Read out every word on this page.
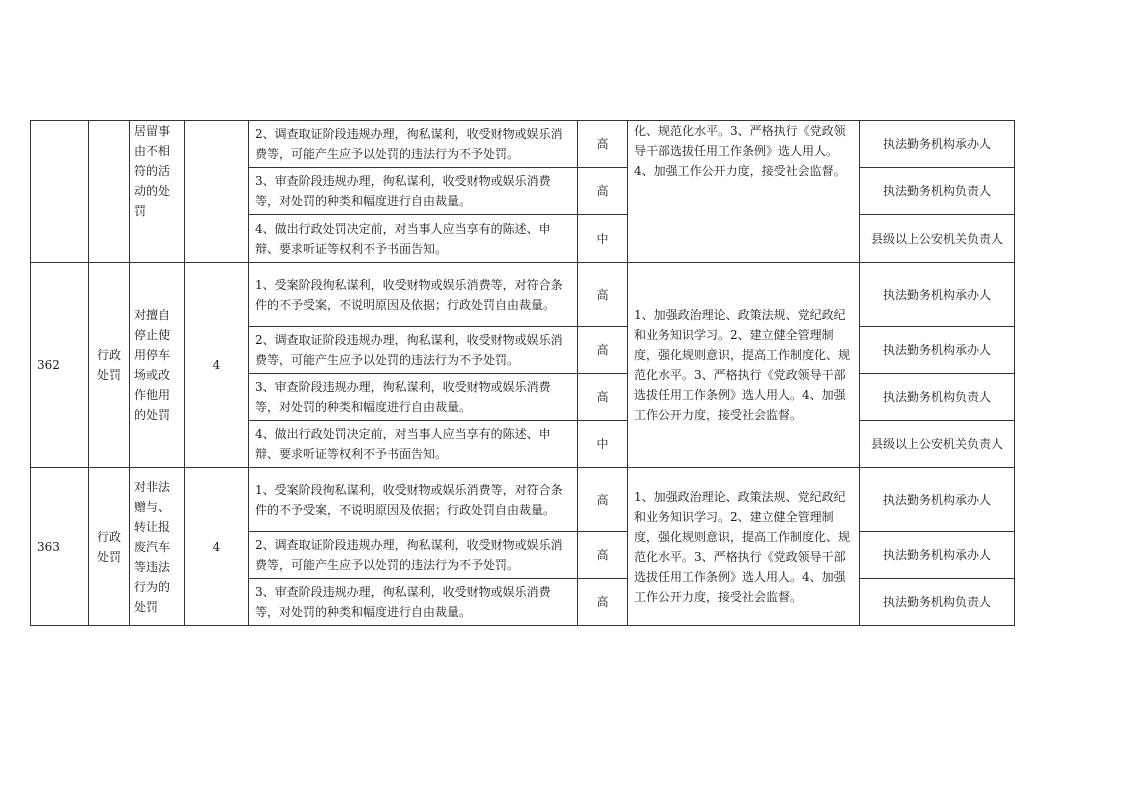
		居留事由不相符的活动的处罚		2、调查取证阶段违规办理，徇私谋利，收受财物或娱乐消费等，可能产生应予以处罚的违法行为不予处罚。	高	化、规范化水平。3、严格执行《党政领导干部选拔任用工作条例》选人用人。4、加强工作公开力度，接受社会监督。	执法勤务机构承办人
				3、审查阶段违规办理，徇私谋利，收受财物或娱乐消费等，对处罚的种类和幅度进行自由裁量。	高		执法勤务机构负责人
				4、做出行政处罚决定前，对当事人应当享有的陈述、申辩、要求听证等权利不予书面告知。	中		县级以上公安机关负责人
362	行政处罚	对擅自停止使用停车场或改作他用的处罚	4	1、受案阶段徇私谋利，收受财物或娱乐消费等，对符合条件的不予受案，不说明原因及依据；行政处罚自由裁量。	高	1、加强政治理论、政策法规、党纪政纪和业务知识学习。2、建立健全管理制度，强化规则意识，提高工作制度化、规范化水平。3、严格执行《党政领导干部选拔任用工作条例》选人用人。4、加强工作公开力度，接受社会监督。	执法勤务机构承办人
				2、调查取证阶段违规办理，徇私谋利，收受财物或娱乐消费等，可能产生应予以处罚的违法行为不予处罚。	高		执法勤务机构承办人
				3、审查阶段违规办理，徇私谋利，收受财物或娱乐消费等，对处罚的种类和幅度进行自由裁量。	高		执法勤务机构负责人
				4、做出行政处罚决定前，对当事人应当享有的陈述、申辩、要求听证等权利不予书面告知。	中		县级以上公安机关负责人
363	行政处罚	对非法赠与、转让报废汽车等违法行为的处罚	4	1、受案阶段徇私谋利，收受财物或娱乐消费等，对符合条件的不予受案，不说明原因及依据；行政处罚自由裁量。	高	1、加强政治理论、政策法规、党纪政纪和业务知识学习。2、建立健全管理制度，强化规则意识，提高工作制度化、规范化水平。3、严格执行《党政领导干部选拔任用工作条例》选人用人。4、加强工作公开力度，接受社会监督。	执法勤务机构承办人
				2、调查取证阶段违规办理，徇私谋利，收受财物或娱乐消费等，可能产生应予以处罚的违法行为不予处罚。	高		执法勤务机构承办人
				3、审查阶段违规办理，徇私谋利，收受财物或娱乐消费等，对处罚的种类和幅度进行自由裁量。	高		执法勤务机构负责人
